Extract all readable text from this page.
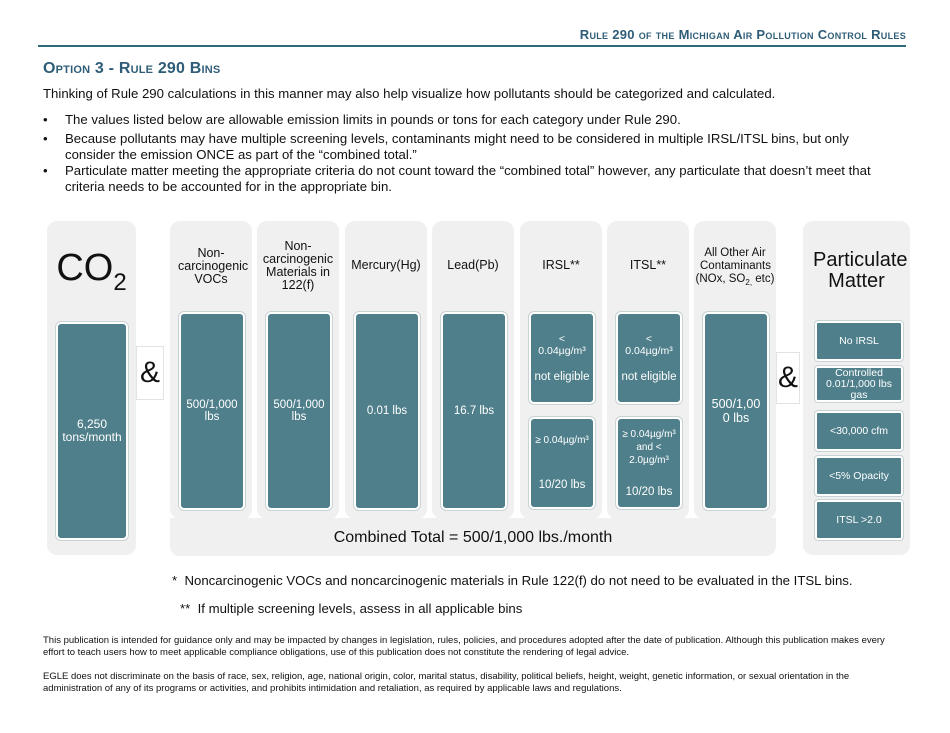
Rule 290 of the Michigan Air Pollution Control Rules
Option 3 - Rule 290 Bins
Thinking of Rule 290 calculations in this manner may also help visualize how pollutants should be categorized and calculated.
• The values listed below are allowable emission limits in pounds or tons for each category under Rule 290.
• Because pollutants may have multiple screening levels, contaminants might need to be considered in multiple IRSL/ITSL bins, but only consider the emission ONCE as part of the “combined total.”
• Particulate matter meeting the appropriate criteria do not count toward the “combined total” however, any particulate that doesn’t meet that criteria needs to be accounted for in the appropriate bin.
$CO_2$
6,250 tons/month
&
Non-carcinogenic VOCs
Non-carcinogenic Materials in 122(f)
Mercury(Hg)	Lead(Pb)	IRSL**	ITSL**
All Other Air Contaminants
(NOx, $SO_{2,}$ etc)
500/1,000 lbs
500/1,000 lbs	0.01 lbs	16.7 lbs
< 0.04µg/m³
not eligible
≥ 0.04µg/m³
10/20 lbs
< 0.04µg/m³
not eligible
≥ 0.04µg/m³ and < 2.0µg/m³
10/20 lbs
500/1,00 0 lbs
Combined Total = 500/1,000 lbs./month
&
Particulate Matter
No IRSL
Controlled 0.01/1,000 lbs gas
<30,000 cfm
<5% Opacity
ITSL >2.0
*  Noncarcinogenic VOCs and noncarcinogenic materials in Rule 122(f) do not need to be evaluated in the ITSL bins.
**  If multiple screening levels, assess in all applicable bins
This publication is intended for guidance only and may be impacted by changes in legislation, rules, policies, and procedures adopted after the date of publication. Although this publication makes every effort to teach users how to meet applicable compliance obligations, use of this publication does not constitute the rendering of legal advice.
EGLE does not discriminate on the basis of race, sex, religion, age, national origin, color, marital status, disability, political beliefs, height, weight, genetic information, or sexual orientation in the administration of any of its programs or activities, and prohibits intimidation and retaliation, as required by applicable laws and regulations.
